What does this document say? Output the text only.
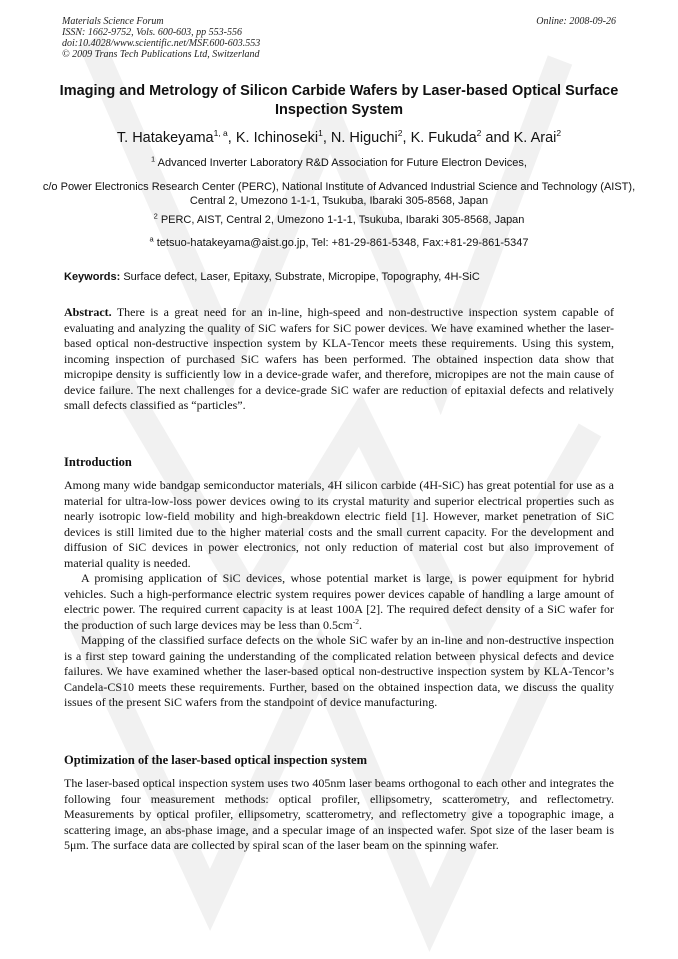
Materials Science Forum
ISSN: 1662-9752, Vols. 600-603, pp 553-556
doi:10.4028/www.scientific.net/MSF.600-603.553
© 2009 Trans Tech Publications Ltd, Switzerland
Online: 2008-09-26
Imaging and Metrology of Silicon Carbide Wafers by Laser-based Optical Surface Inspection System
T. Hatakeyama$^{1, a}$, K. Ichinoseki$^1$, N. Higuchi$^2$, K. Fukuda$^2$ and K. Arai$^2$
$^1$ Advanced Inverter Laboratory R&D Association for Future Electron Devices,
c/o Power Electronics Research Center (PERC), National Institute of Advanced Industrial Science and Technology (AIST), Central 2, Umezono 1-1-1, Tsukuba, Ibaraki 305-8568, Japan
$^2$ PERC, AIST, Central 2, Umezono 1-1-1, Tsukuba, Ibaraki 305-8568, Japan
$^a$ tetsuo-hatakeyama@aist.go.jp, Tel: +81-29-861-5348, Fax:+81-29-861-5347
Keywords: Surface defect, Laser, Epitaxy, Substrate, Micropipe, Topography, 4H-SiC

Abstract. There is a great need for an in-line, high-speed and non-destructive inspection system capable of evaluating and analyzing the quality of SiC wafers for SiC power devices. We have examined whether the laser-based optical non-destructive inspection system by KLA-Tencor meets these requirements. Using this system, incoming inspection of purchased SiC wafers has been performed. The obtained inspection data show that micropipe density is sufficiently low in a device-grade wafer, and therefore, micropipes are not the main cause of device failure. The next challenges for a device-grade SiC wafer are reduction of epitaxial defects and relatively small defects classified as “particles”.

Introduction

Among many wide bandgap semiconductor materials, 4H silicon carbide (4H-SiC) has great potential for use as a material for ultra-low-loss power devices owing to its crystal maturity and superior electrical properties such as nearly isotropic low-field mobility and high-breakdown electric field [1]. However, market penetration of SiC devices is still limited due to the higher material costs and the small current capacity. For the development and diffusion of SiC devices in power electronics, not only reduction of material cost but also improvement of material quality is needed.

A promising application of SiC devices, whose potential market is large, is power equipment for hybrid vehicles. Such a high-performance electric system requires power devices capable of handling a large amount of electric power. The required current capacity is at least 100A [2]. The required defect density of a SiC wafer for the production of such large devices may be less than $0.5cm^{-2}$.

Mapping of the classified surface defects on the whole SiC wafer by an in-line and non-destructive inspection is a first step toward gaining the understanding of the complicated relation between physical defects and device failures. We have examined whether the laser-based optical non-destructive inspection system by KLA-Tencor’s Candela-CS10 meets these requirements. Further, based on the obtained inspection data, we discuss the quality issues of the present SiC wafers from the standpoint of device manufacturing.

Optimization of the laser-based optical inspection system

The laser-based optical inspection system uses two 405nm laser beams orthogonal to each other and integrates the following four measurement methods: optical profiler, ellipsometry, scatterometry, and reflectometry. Measurements by optical profiler, ellipsometry, scatterometry, and reflectometry give a topographic image, a scattering image, an abs-phase image, and a specular image of an inspected wafer. Spot size of the laser beam is 5μm. The surface data are collected by spiral scan of the laser beam on the spinning wafer.
